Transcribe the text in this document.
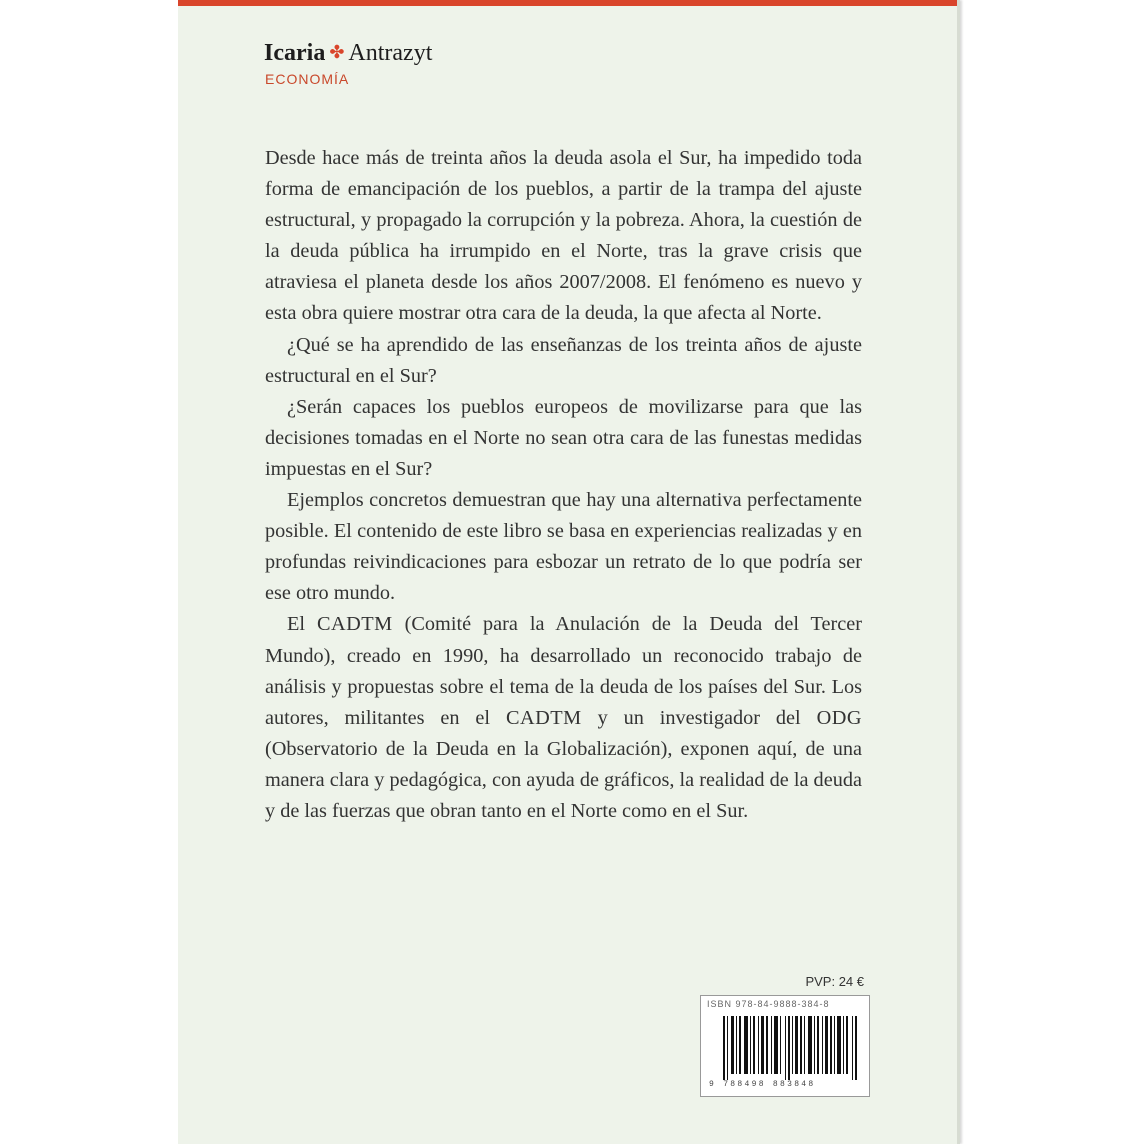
Icaria ✤ Antrazyt
ECONOMÍA

Desde hace más de treinta años la deuda asola el Sur, ha impedido toda forma de emancipación de los pueblos, a partir de la trampa del ajuste estructural, y propagado la corrupción y la pobreza. Ahora, la cuestión de la deuda pública ha irrumpido en el Norte, tras la grave crisis que atraviesa el planeta desde los años 2007/2008. El fenómeno es nuevo y esta obra quiere mostrar otra cara de la deuda, la que afecta al Norte.

¿Qué se ha aprendido de las enseñanzas de los treinta años de ajuste estructural en el Sur?

¿Serán capaces los pueblos europeos de movilizarse para que las decisiones tomadas en el Norte no sean otra cara de las funestas medidas impuestas en el Sur?

Ejemplos concretos demuestran que hay una alternativa perfectamente posible. El contenido de este libro se basa en experiencias realizadas y en profundas reivindicaciones para esbozar un retrato de lo que podría ser ese otro mundo.

El CADTM (Comité para la Anulación de la Deuda del Tercer Mundo), creado en 1990, ha desarrollado un reconocido trabajo de análisis y propuestas sobre el tema de la deuda de los países del Sur. Los autores, militantes en el CADTM y un investigador del ODG (Observatorio de la Deuda en la Globalización), exponen aquí, de una manera clara y pedagógica, con ayuda de gráficos, la realidad de la deuda y de las fuerzas que obran tanto en el Norte como en el Sur.

PVP: 24 €
ISBN 978-84-9888-384-8
9 788498 883848
